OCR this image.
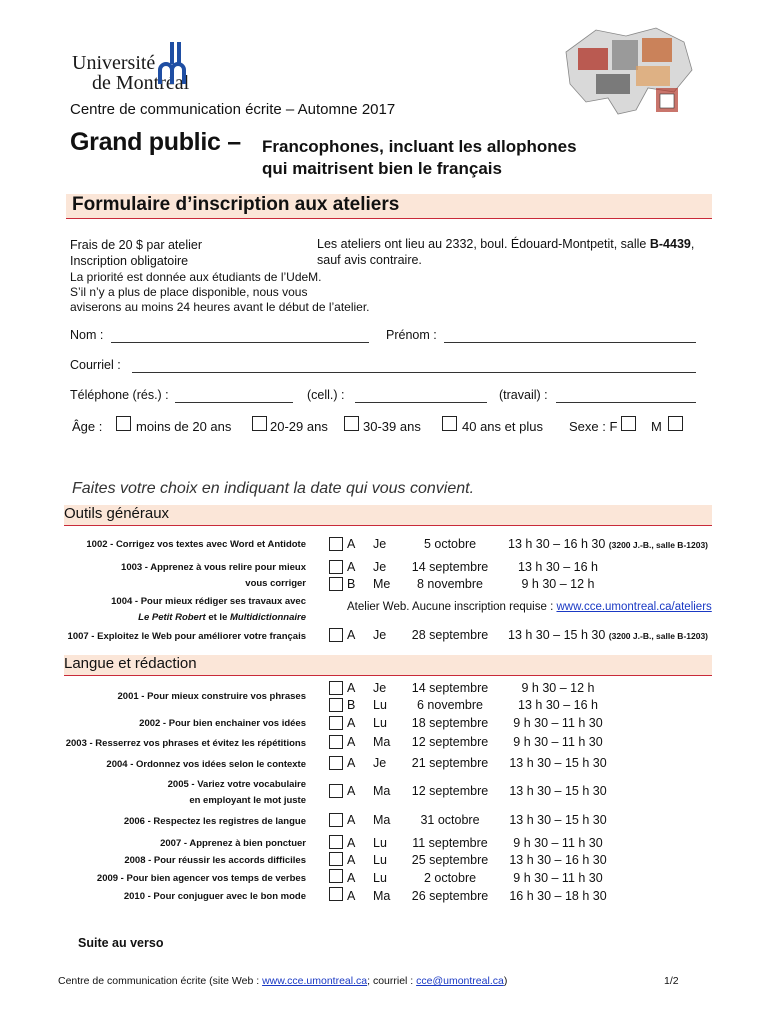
Université
de Montréal
Centre de communication écrite – Automne 2017
Grand public – Francophones, incluant les allophones
qui maitrisent bien le français
Formulaire d’inscription aux ateliers
Frais de 20 $ par atelier
Inscription obligatoire
Les ateliers ont lieu au 2332, boul. Édouard-Montpetit, salle B-4439,
sauf avis contraire.
La priorité est donnée aux étudiants de l’UdeM.
S’il n’y a plus de place disponible, nous vous
aviserons au moins 24 heures avant le début de l’atelier.
Nom :	Prénom :
Courriel :
Téléphone (rés.) :	(cell.) :	(travail) :
Âge :	moins de 20 ans	20-29 ans	30-39 ans	40 ans et plus Sexe : F	M
Faites votre choix en indiquant la date qui vous convient.
Outils généraux
1002 - Corrigez vos textes avec Word et Antidote	A Je	5 octobre	13 h 30 – 16 h 30 (3200 J.-B., salle B-1203)
1003 - Apprenez à vous relire pour mieux
vous corriger
A Je	14 septembre	13 h 30 – 16 h
B Me	8 novembre	9 h 30 – 12 h
1004 - Pour mieux rédiger ses travaux avec
Le Petit Robert et le Multidictionnaire
Atelier Web. Aucune inscription requise : www.cce.umontreal.ca/ateliers
1007 - Exploitez le Web pour améliorer votre français	A Je	28 septembre	13 h 30 – 15 h 30 (3200 J.-B., salle B-1203)
Langue et rédaction
2001 - Pour mieux construire vos phrases
A Je	14 septembre	9 h 30 – 12 h
B Lu	6 novembre	13 h 30 – 16 h
2002 - Pour bien enchainer vos idées	A Lu	18 septembre	9 h 30 – 11 h 30
2003 - Resserrez vos phrases et évitez les répétitions	A Ma	12 septembre	9 h 30 – 11 h 30
2004 - Ordonnez vos idées selon le contexte	A Je	21 septembre	13 h 30 – 15 h 30
2005 - Variez votre vocabulaire
en employant le mot juste
A Ma	12 septembre	13 h 30 – 15 h 30
2006 - Respectez les registres de langue	A Ma	31 octobre	13 h 30 – 15 h 30
2007 - Apprenez à bien ponctuer	A Lu	11 septembre	9 h 30 – 11 h 30
2008 - Pour réussir les accords difficiles	A Lu	25 septembre	13 h 30 – 16 h 30
2009 - Pour bien agencer vos temps de verbes	A Lu	2 octobre	9 h 30 – 11 h 30
2010 - Pour conjuguer avec le bon mode	A Ma	26 septembre	16 h 30 – 18 h 30
Suite au verso
Centre de communication écrite (site Web : www.cce.umontreal.ca; courriel : cce@umontreal.ca)	1/2
